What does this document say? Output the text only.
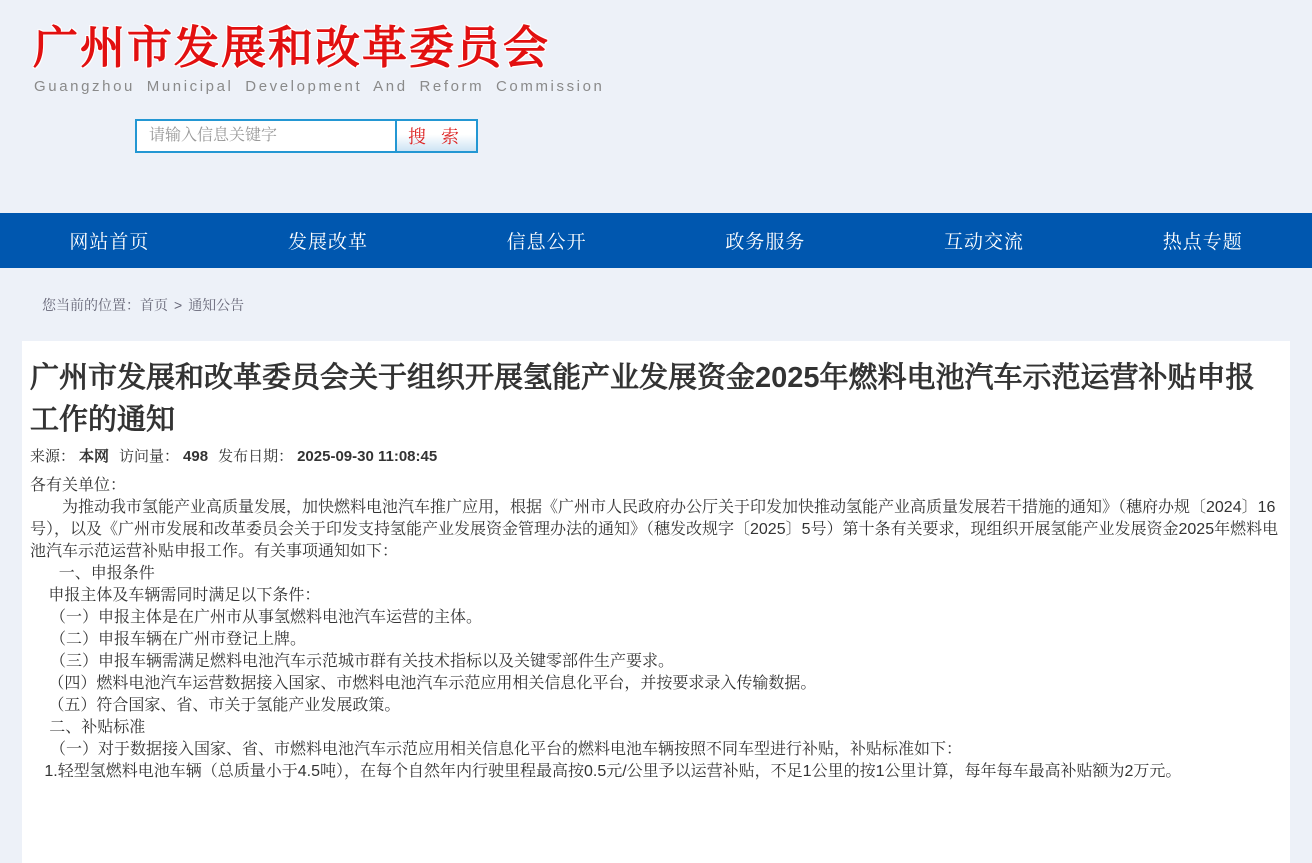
广州市发展和改革委员会
Guangzhou Municipal Development And Reform Commission
请输入信息关键字
搜 索
网站首页	发展改革	信息公开	政务服务	互动交流	热点专题
您当前的位置：首页 > 通知公告
广州市发展和改革委员会关于组织开展氢能产业发展资金2025年燃料电池汽车示范运营补贴申报工作的通知
来源： 本网 访问量： 498 发布日期： 2025-09-30 11:08:45

各有关单位：

为推动我市氢能产业高质量发展，加快燃料电池汽车推广应用，根据《广州市人民政府办公厅关于印发加快推动氢能产业高质量发展若干措施的通知》（穗府办规〔2024〕16号），以及《广州市发展和改革委员会关于印发支持氢能产业发展资金管理办法的通知》（穗发改规字〔2025〕5号）第十条有关要求，现组织开展氢能产业发展资金2025年燃料电池汽车示范运营补贴申报工作。有关事项通知如下：

一、申报条件

申报主体及车辆需同时满足以下条件：

（一）申报主体是在广州市从事氢燃料电池汽车运营的主体。

（二）申报车辆在广州市登记上牌。

（三）申报车辆需满足燃料电池汽车示范城市群有关技术指标以及关键零部件生产要求。

（四）燃料电池汽车运营数据接入国家、市燃料电池汽车示范应用相关信息化平台，并按要求录入传输数据。

（五）符合国家、省、市关于氢能产业发展政策。

二、补贴标准

（一）对于数据接入国家、省、市燃料电池汽车示范应用相关信息化平台的燃料电池车辆按照不同车型进行补贴，补贴标准如下：

1.轻型氢燃料电池车辆（总质量小于4.5吨），在每个自然年内行驶里程最高按0.5元/公里予以运营补贴，不足1公里的按1公里计算，每年每车最高补贴额为2万元。
